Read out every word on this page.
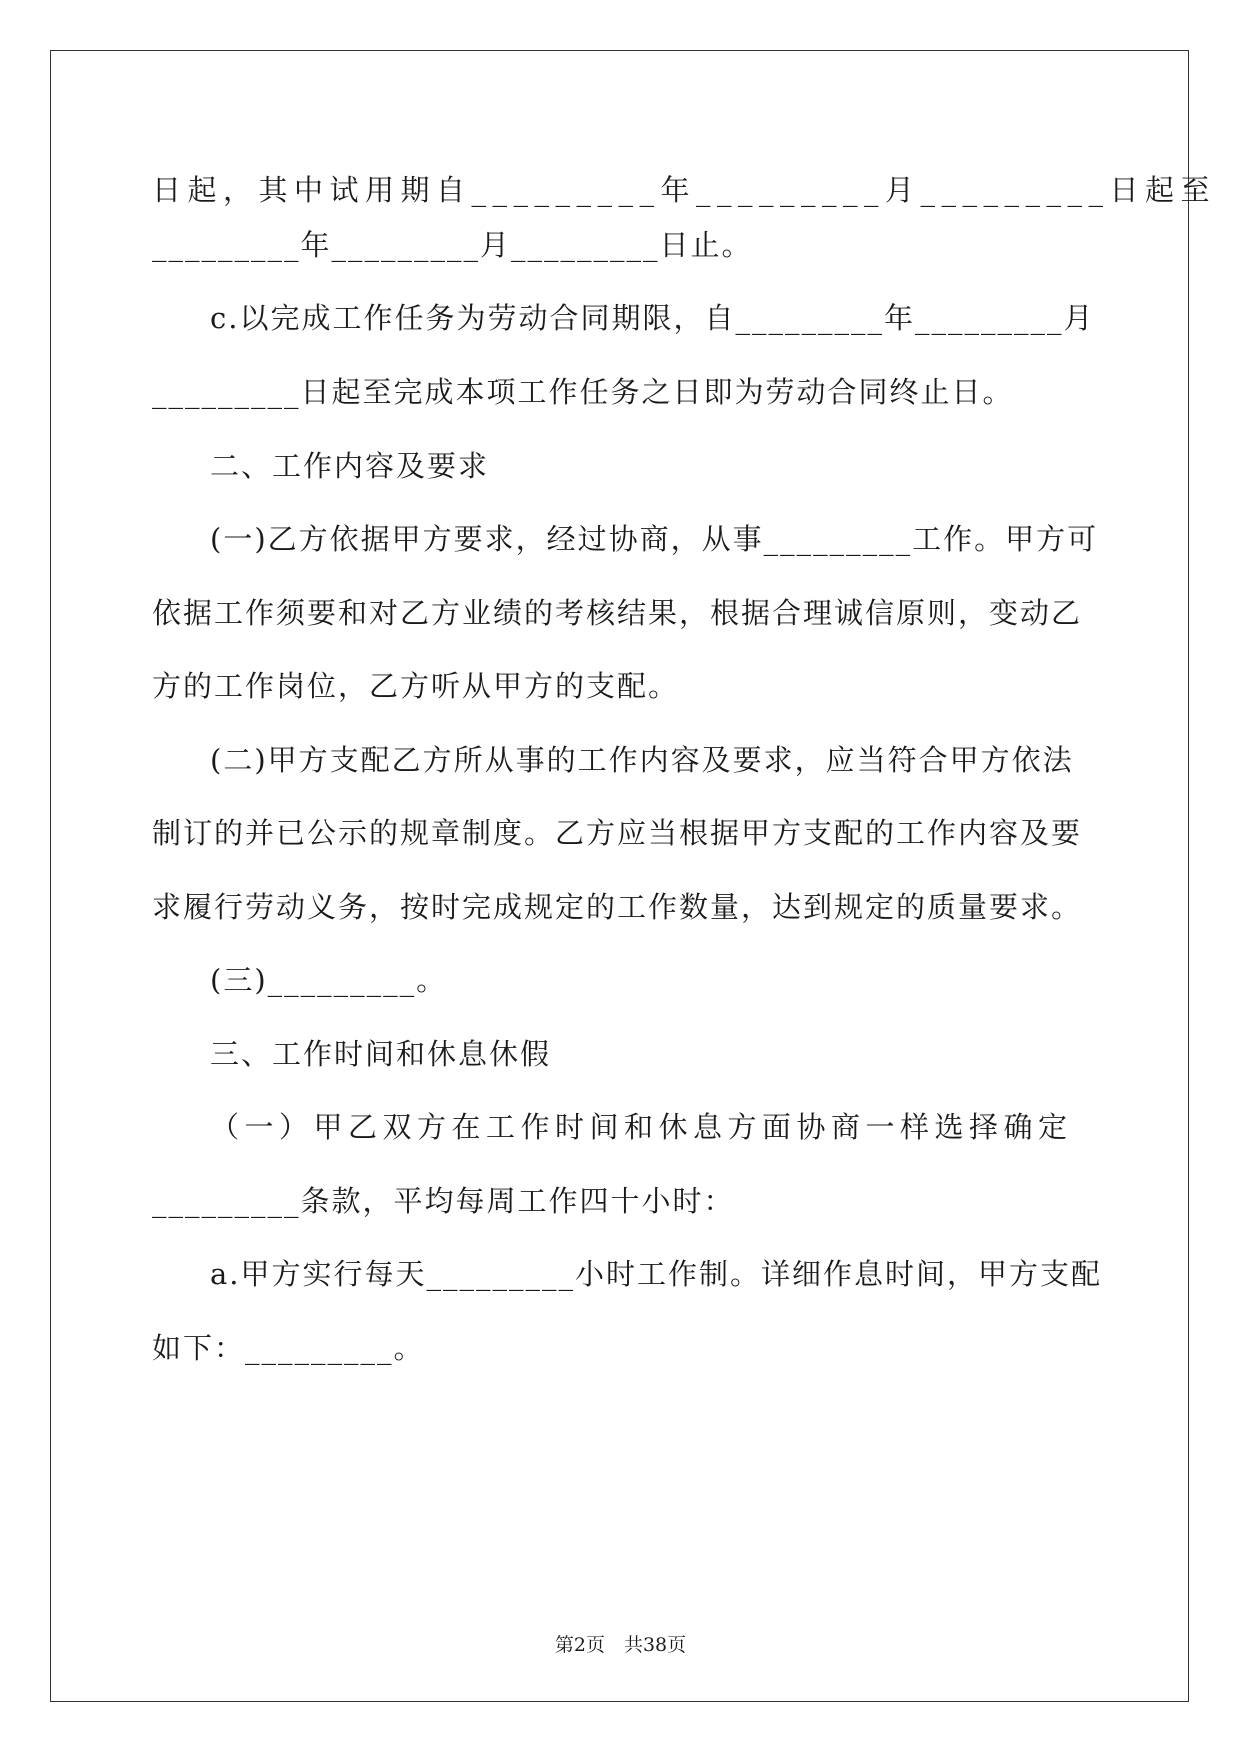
日起，其中试用期自_________年_________月_________日起至
_________年_________月_________日止。
c.以完成工作任务为劳动合同期限，自_________年_________月
_________日起至完成本项工作任务之日即为劳动合同终止日。
二、工作内容及要求
(一)乙方依据甲方要求，经过协商，从事_________工作。甲方可
依据工作须要和对乙方业绩的考核结果，根据合理诚信原则，变动乙
方的工作岗位，乙方听从甲方的支配。
(二)甲方支配乙方所从事的工作内容及要求，应当符合甲方依法
制订的并已公示的规章制度。乙方应当根据甲方支配的工作内容及要
求履行劳动义务，按时完成规定的工作数量，达到规定的质量要求。
(三)_________。
三、工作时间和休息休假
（一）甲乙双方在工作时间和休息方面协商一样选择确定
_________条款，平均每周工作四十小时：
a.甲方实行每天_________小时工作制。详细作息时间，甲方支配
如下：_________。
第2页　共38页
